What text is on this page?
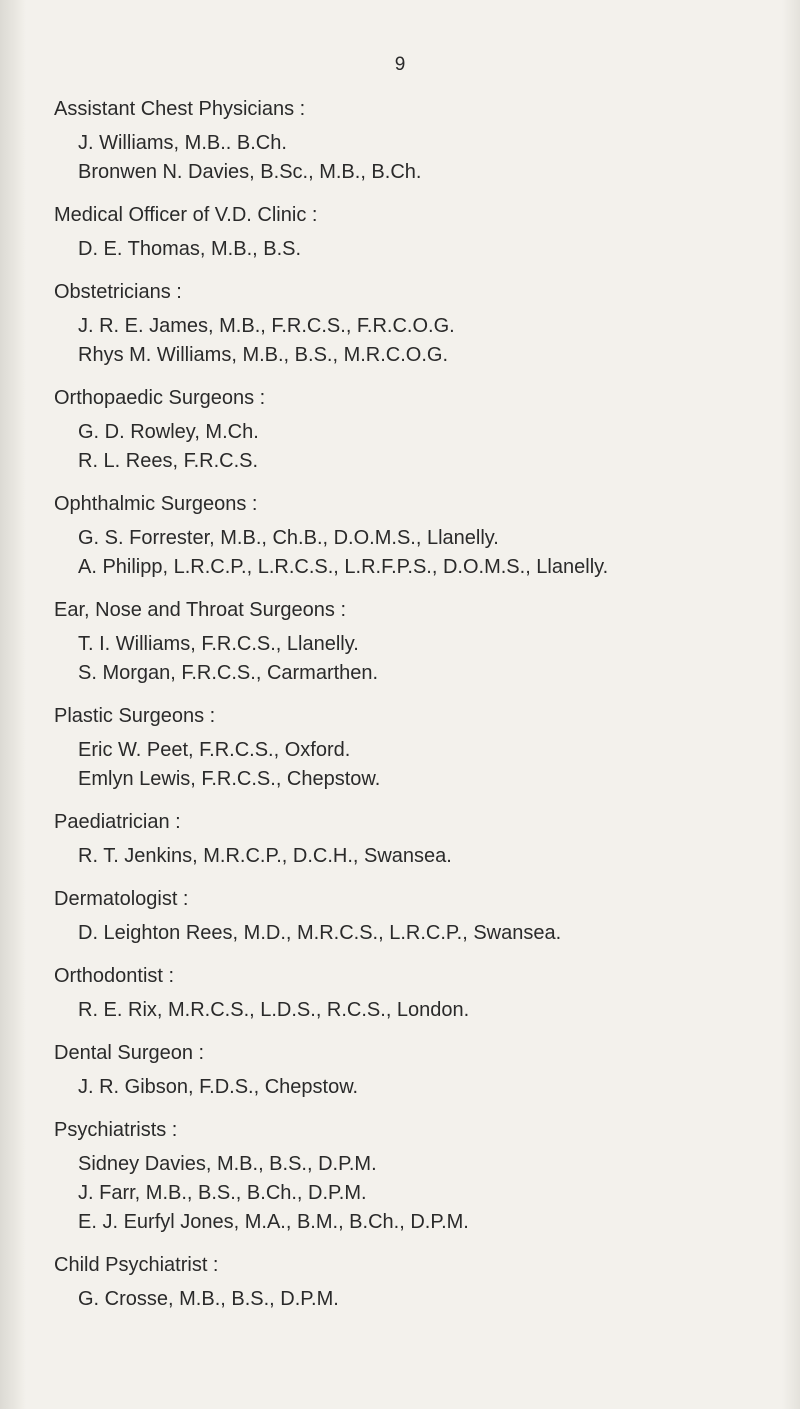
9
Assistant Chest Physicians :
J. Williams, M.B.. B.Ch.
Bronwen N. Davies, B.Sc., M.B., B.Ch.
Medical Officer of V.D. Clinic :
D. E. Thomas, M.B., B.S.
Obstetricians :
J. R. E. James, M.B., F.R.C.S., F.R.C.O.G.
Rhys M. Williams, M.B., B.S., M.R.C.O.G.
Orthopaedic Surgeons :
G. D. Rowley, M.Ch.
R. L. Rees, F.R.C.S.
Ophthalmic Surgeons :
G. S. Forrester, M.B., Ch.B., D.O.M.S., Llanelly.
A. Philipp, L.R.C.P., L.R.C.S., L.R.F.P.S., D.O.M.S., Llanelly.
Ear, Nose and Throat Surgeons :
T. I. Williams, F.R.C.S., Llanelly.
S. Morgan, F.R.C.S., Carmarthen.
Plastic Surgeons :
Eric W. Peet, F.R.C.S., Oxford.
Emlyn Lewis, F.R.C.S., Chepstow.
Paediatrician :
R. T. Jenkins, M.R.C.P., D.C.H., Swansea.
Dermatologist :
D. Leighton Rees, M.D., M.R.C.S., L.R.C.P., Swansea.
Orthodontist :
R. E. Rix, M.R.C.S., L.D.S., R.C.S., London.
Dental Surgeon :
J. R. Gibson, F.D.S., Chepstow.
Psychiatrists :
Sidney Davies, M.B., B.S., D.P.M.
J. Farr, M.B., B.S., B.Ch., D.P.M.
E. J. Eurfyl Jones, M.A., B.M., B.Ch., D.P.M.
Child Psychiatrist :
G. Crosse, M.B., B.S., D.P.M.
